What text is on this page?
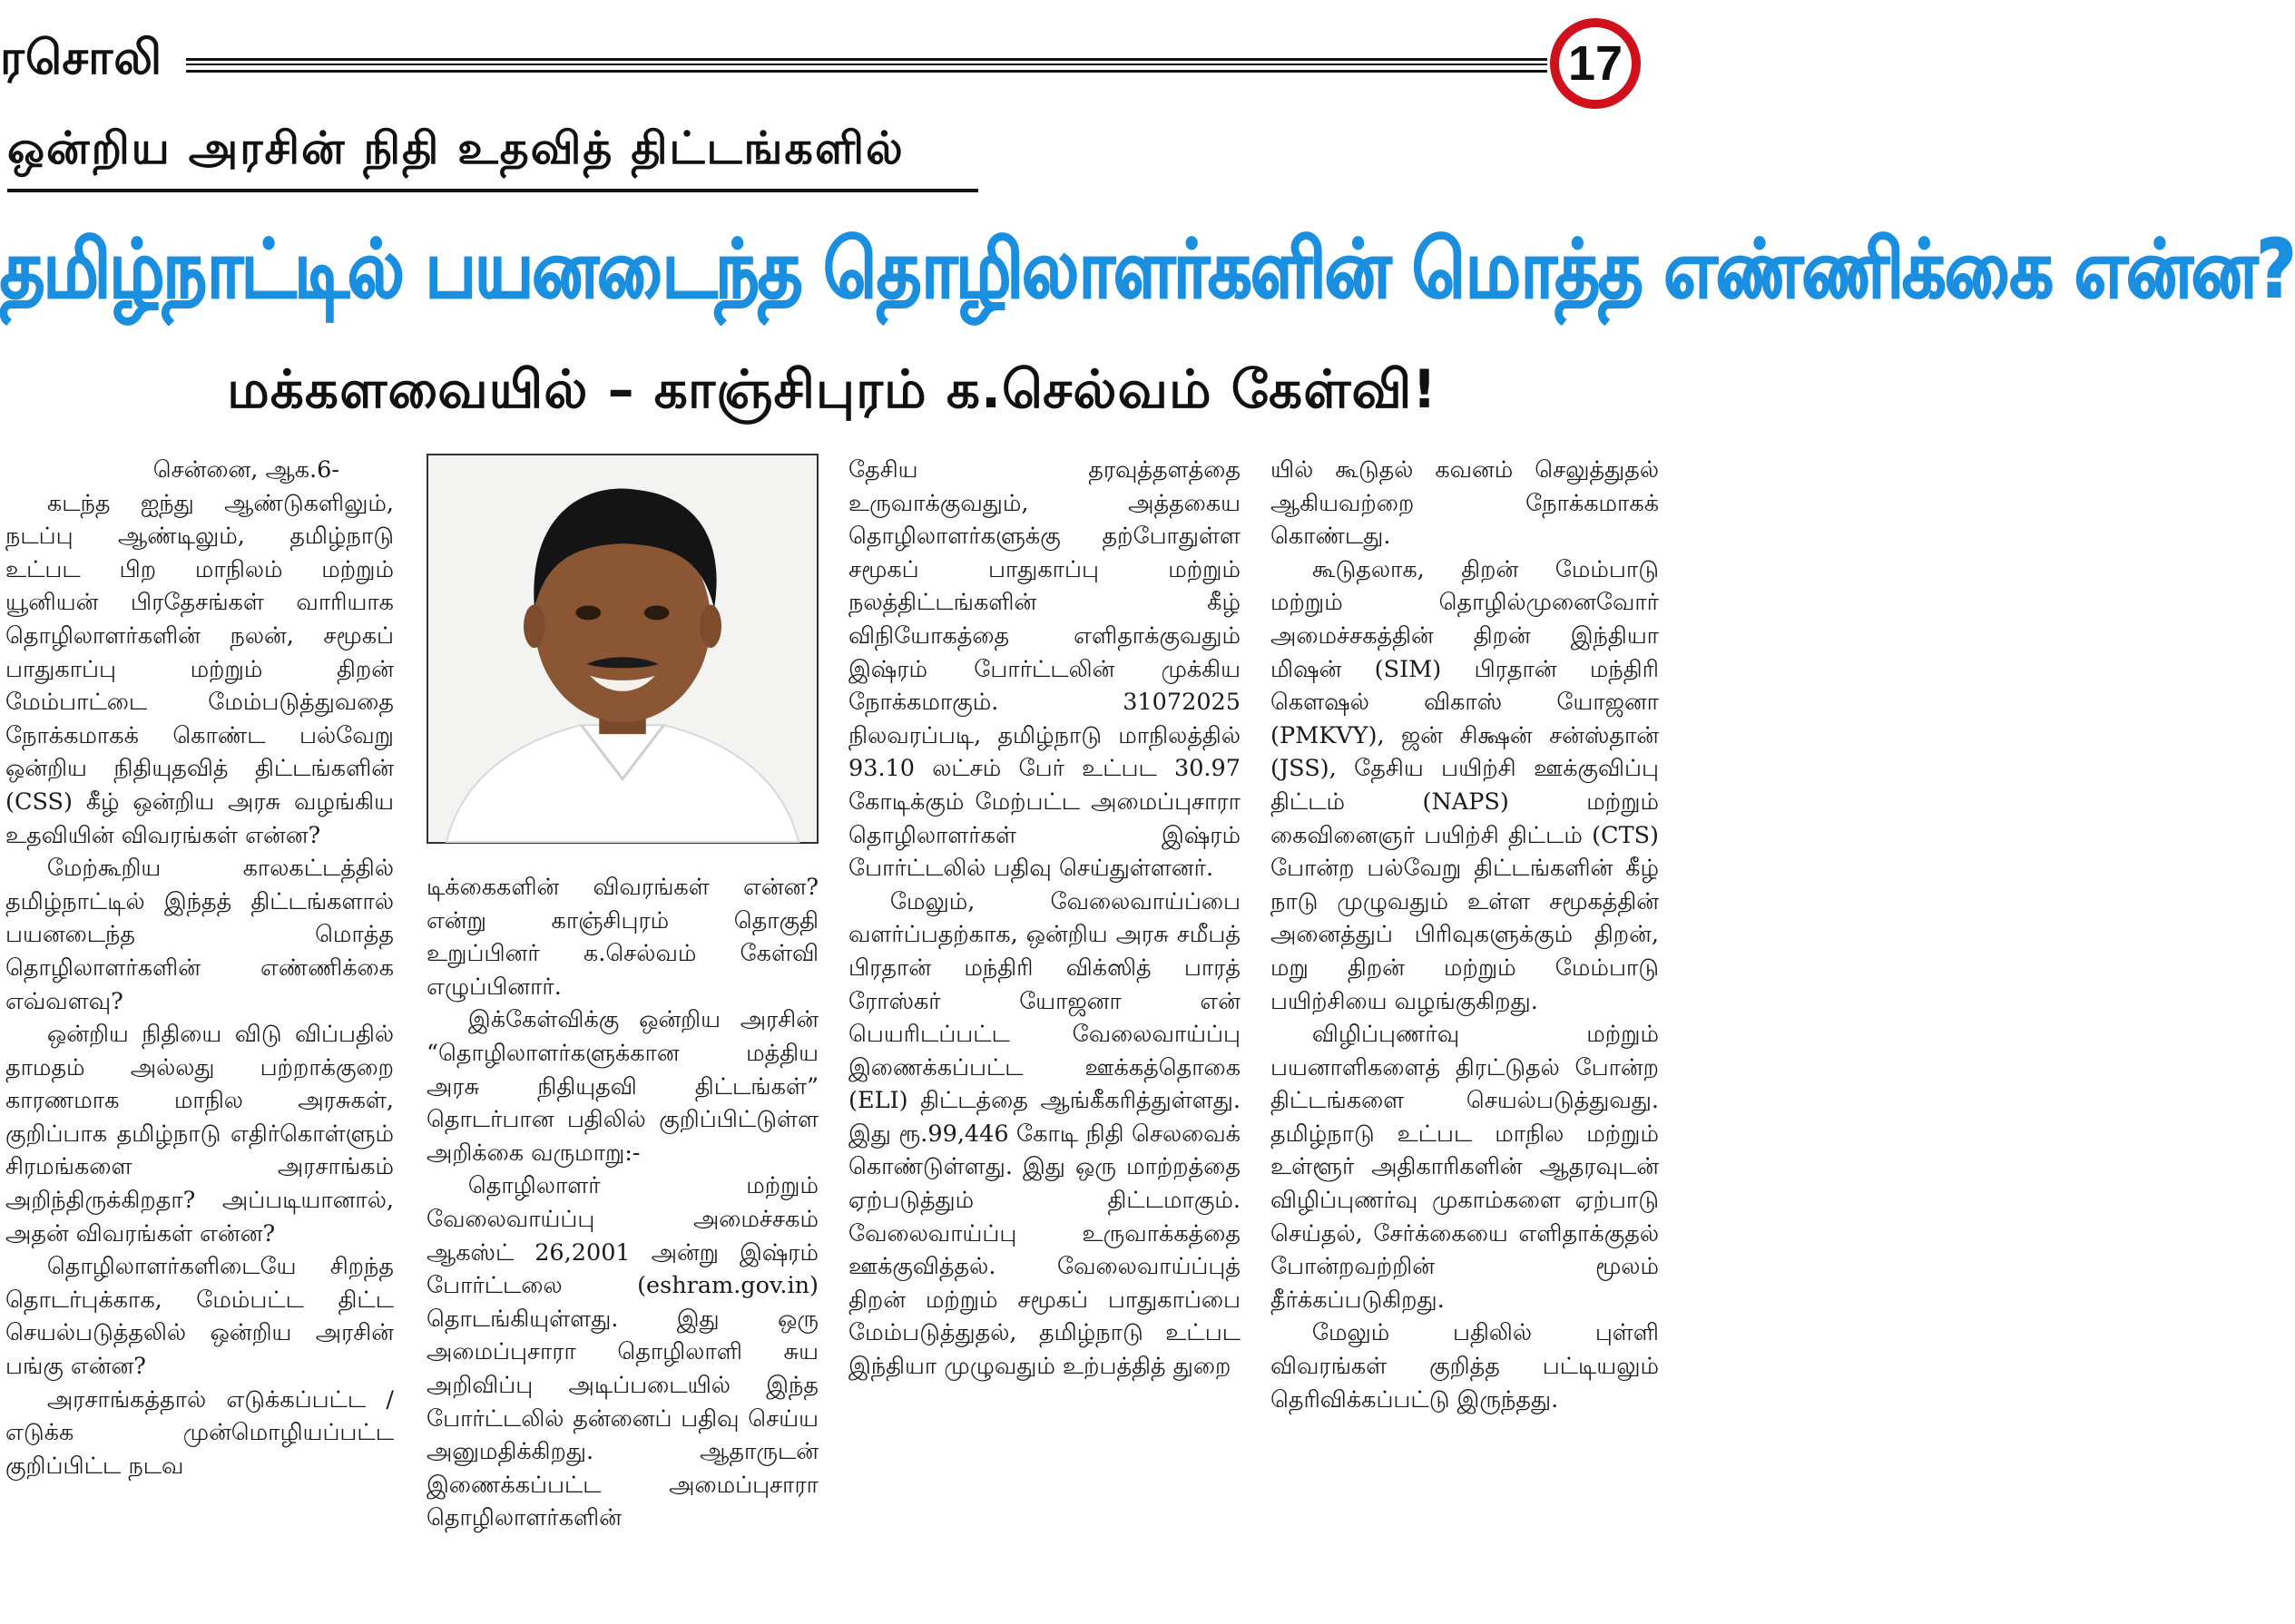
ரசொலி	17
ஒன்றிய அரசின் நிதி உதவித் திட்டங்களில்
தமிழ்நாட்டில் பயனடைந்த தொழிலாளர்களின் மொத்த எண்ணிக்கை என்ன?
மக்களவையில் – காஞ்சிபுரம் க.செல்வம் கேள்வி!

சென்னை, ஆக.6-

கடந்த ஐந்து ஆண்டுகளிலும், நடப்பு ஆண்டிலும், தமிழ்நாடு உட்பட பிற மாநிலம் மற்றும் யூனியன் பிரதேசங்கள் வாரியாக தொழிலாளர்களின் நலன், சமூகப் பாதுகாப்பு மற்றும் திறன் மேம்பாட்டை மேம்படுத்துவதை நோக்கமாகக் கொண்ட பல்வேறு ஒன்றிய நிதியுதவித் திட்டங்களின் (CSS) கீழ் ஒன்றிய அரசு வழங்கிய உதவியின் விவரங்கள் என்ன?

மேற்கூறிய காலகட்டத்தில் தமிழ்நாட்டில் இந்தத் திட்டங்களால் பயனடைந்த மொத்த தொழிலாளர்களின் எண்ணிக்கை எவ்வளவு?

ஒன்றிய நிதியை விடு விப்பதில் தாமதம் அல்லது பற்றாக்குறை காரணமாக மாநில அரசுகள், குறிப்பாக தமிழ்நாடு எதிர்கொள்ளும் சிரமங்களை அரசாங்கம் அறிந்திருக்கிறதா? அப்படியானால், அதன் விவரங்கள் என்ன?

தொழிலாளர்களிடையே சிறந்த தொடர்புக்காக, மேம்பட்ட திட்ட செயல்படுத்தலில் ஒன்றிய அரசின் பங்கு என்ன?

அரசாங்கத்தால் எடுக்கப்பட்ட / எடுக்க முன்மொழியப்பட்ட குறிப்பிட்ட நடவ

டிக்கைகளின் விவரங்கள் என்ன? என்று காஞ்சிபுரம் தொகுதி உறுப்பினர் க.செல்வம் கேள்வி எழுப்பினார்.

இக்கேள்விக்கு ஒன்றிய அரசின் “தொழிலாளர்களுக்கான மத்திய அரசு நிதியுதவி திட்டங்கள்” தொடர்பான பதிலில் குறிப்பிட்டுள்ள அறிக்கை வருமாறு:-

தொழிலாளர் மற்றும் வேலைவாய்ப்பு அமைச்சகம் ஆகஸ்ட் 26,2001 அன்று இஷ்ரம் போர்ட்டலை (eshram.gov.in) தொடங்கியுள்ளது. இது ஒரு அமைப்புசாரா தொழிலாளி சுய அறிவிப்பு அடிப்படையில் இந்த போர்ட்டலில் தன்னைப் பதிவு செய்ய அனுமதிக்கிறது. ஆதாருடன் இணைக்கப்பட்ட அமைப்புசாரா தொழிலாளர்களின்

தேசிய தரவுத்தளத்தை உருவாக்குவதும், அத்தகைய தொழிலாளர்களுக்கு தற்போதுள்ள சமூகப் பாதுகாப்பு மற்றும் நலத்திட்டங்களின் கீழ் விநியோகத்தை எளிதாக்குவதும் இஷ்ரம் போர்ட்டலின் முக்கிய நோக்கமாகும். 31072025 நிலவரப்படி, தமிழ்நாடு மாநிலத்தில் 93.10 லட்சம் பேர் உட்பட 30.97 கோடிக்கும் மேற்பட்ட அமைப்புசாரா தொழிலாளர்கள் இஷ்ரம் போர்ட்டலில் பதிவு செய்துள்ளனர்.

மேலும், வேலைவாய்ப்பை வளர்ப்பதற்காக, ஒன்றிய அரசு சமீபத் பிரதான் மந்திரி விக்ஸித் பாரத் ரோஸ்கர் யோஜனா என் பெயரிடப்பட்ட வேலைவாய்ப்பு இணைக்கப்பட்ட ஊக்கத்தொகை (ELI) திட்டத்தை ஆங்கீகரித்துள்ளது. இது ரூ.99,446 கோடி நிதி செலவைக் கொண்டுள்ளது. இது ஒரு மாற்றத்தை ஏற்படுத்தும் திட்டமாகும். வேலைவாய்ப்பு உருவாக்கத்தை ஊக்குவித்தல். வேலைவாய்ப்புத் திறன் மற்றும் சமூகப் பாதுகாப்பை மேம்படுத்துதல், தமிழ்நாடு உட்பட இந்தியா முழுவதும் உற்பத்தித் துறை

யில் கூடுதல் கவனம் செலுத்துதல் ஆகியவற்றை நோக்கமாகக் கொண்டது.

கூடுதலாக, திறன் மேம்பாடு மற்றும் தொழில்முனைவோர் அமைச்சகத்தின் திறன் இந்தியா மிஷன் (SIM) பிரதான் மந்திரி கௌஷல் விகாஸ் யோஜனா (PMKVY), ஜன் சிக்ஷன் சன்ஸ்தான் (JSS), தேசிய பயிற்சி ஊக்குவிப்பு திட்டம் (NAPS) மற்றும் கைவினைஞர் பயிற்சி திட்டம் (CTS) போன்ற பல்வேறு திட்டங்களின் கீழ் நாடு முழுவதும் உள்ள சமூகத்தின் அனைத்துப் பிரிவுகளுக்கும் திறன், மறு திறன் மற்றும் மேம்பாடு பயிற்சியை வழங்குகிறது.

விழிப்புணர்வு மற்றும் பயனாளிகளைத் திரட்டுதல் போன்ற திட்டங்களை செயல்படுத்துவது. தமிழ்நாடு உட்பட மாநில மற்றும் உள்ளூர் அதிகாரிகளின் ஆதரவுடன் விழிப்புணர்வு முகாம்களை ஏற்பாடு செய்தல், சேர்க்கையை எளிதாக்குதல் போன்றவற்றின் மூலம் தீர்க்கப்படுகிறது.

மேலும் பதிலில் புள்ளி விவரங்கள் குறித்த பட்டியலும் தெரிவிக்கப்பட்டு இருந்தது.
